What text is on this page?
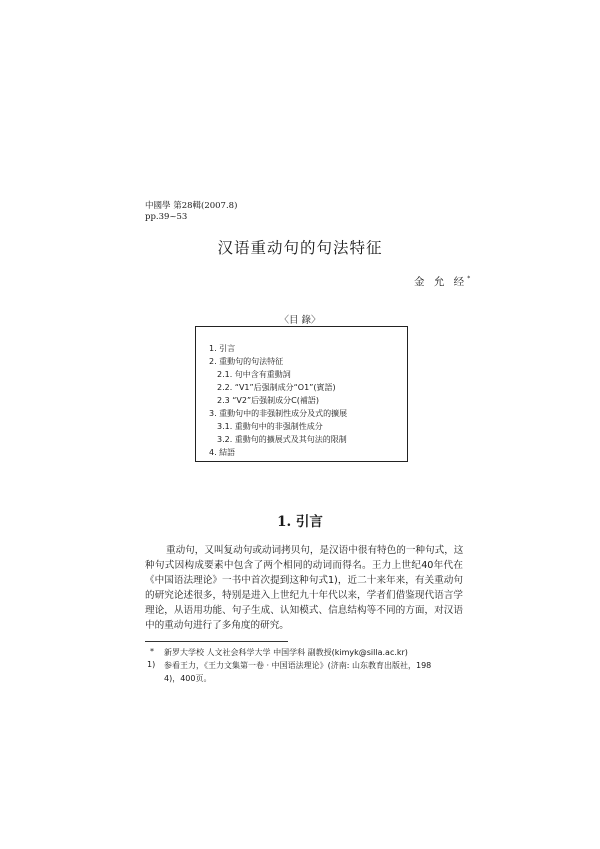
中國學 第28輯(2007.8)
pp.39~53
汉语重动句的句法特征
金 允 经*
1. 引言
2. 重動句的句法特征
2.1. 句中含有重動詞
2.2. “V1”后强制成分“O1”(賓語)
2.3 “V2”后强制成分C(補語)
3. 重動句中的非强制性成分及式的擴展
3.1. 重動句中的非强制性成分
3.2. 重動句的擴展式及其句法的限制
4. 結語
〈目 錄〉
1. 引言
重动句，又叫复动句或动词拷贝句，是汉语中很有特色的一种句式，这
种句式因构成要素中包含了两个相同的动词而得名。王力上世纪40年代在
《中国语法理论》一书中首次提到这种句式1)，近二十来年来，有关重动句
的研究论述很多，特别是进入上世纪九十年代以来，学者们借鉴现代语言学
理论，从语用功能、句子生成、认知模式、信息结构等不同的方面，对汉语
中的重动句进行了多角度的研究。
* 新罗大学校 人文社会科学大学 中国学科 副教授(kimyk@silla.ac.kr)
1) 参看王力，《王力文集第一卷 · 中国语法理论》(济南: 山东教育出版社，198
4)，400页。
